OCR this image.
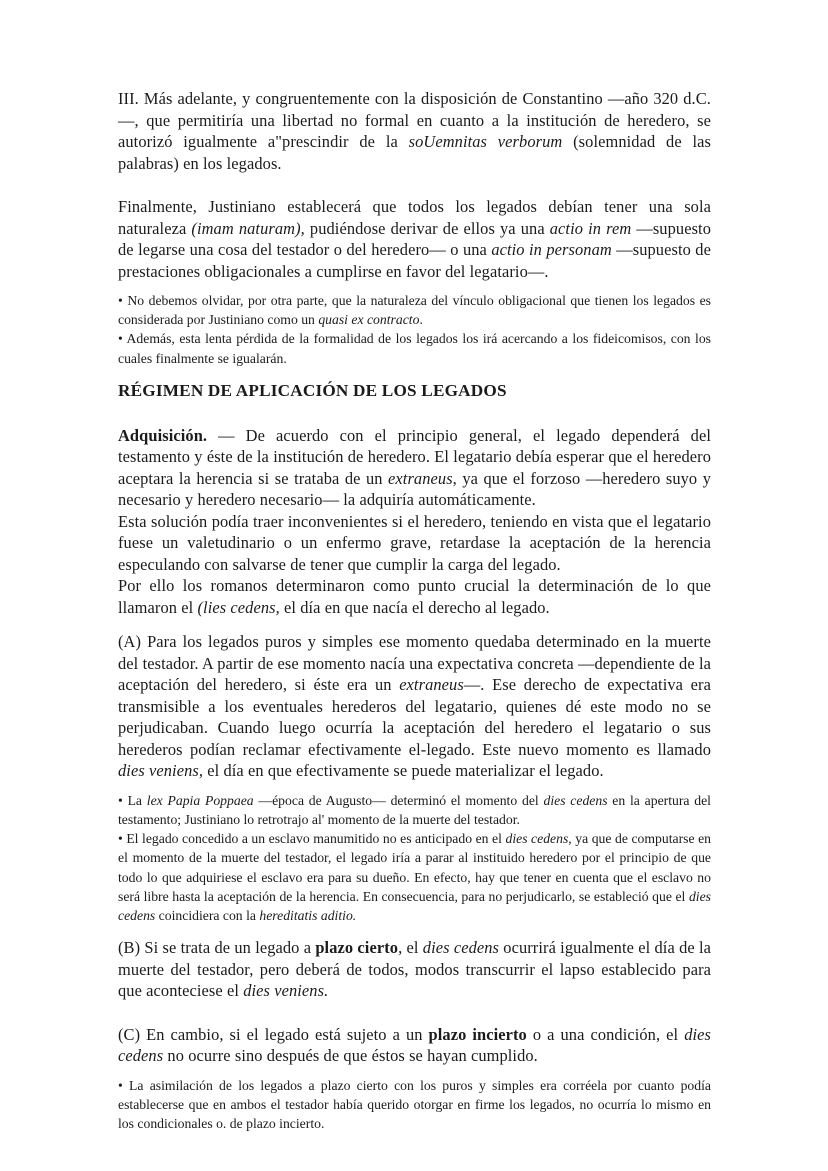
III. Más adelante, y congruentemente con la disposición de Constantino —año 320 d.C.—, que permitiría una libertad no formal en cuanto a la institución de heredero, se autorizó igualmente a"prescindir de la soUemnitas verborum (solemnidad de las palabras) en los legados.

Finalmente, Justiniano establecerá que todos los legados debían tener una sola naturaleza (imam naturam), pudiéndose derivar de ellos ya una actio in rem —supuesto de legarse una cosa del testador o del heredero— o una actio in personam —supuesto de prestaciones obligacionales a cumplirse en favor del legatario—.

• No debemos olvidar, por otra parte, que la naturaleza del vínculo obligacional que tienen los legados es considerada por Justiniano como un quasi ex contracto.

• Además, esta lenta pérdida de la formalidad de los legados los irá acercando a los fideicomisos, con los cuales finalmente se igualarán.

RÉGIMEN DE APLICACIÓN DE LOS LEGADOS

Adquisición. — De acuerdo con el principio general, el legado dependerá del testamento y éste de la institución de heredero. El legatario debía esperar que el heredero aceptara la herencia si se trataba de un extraneus, ya que el forzoso —heredero suyo y necesario y heredero necesario— la adquiría automáticamente.

Esta solución podía traer inconvenientes si el heredero, teniendo en vista que el legatario fuese un valetudinario o un enfermo grave, retardase la aceptación de la herencia especulando con salvarse de tener que cumplir la carga del legado.

Por ello los romanos determinaron como punto crucial la determinación de lo que llamaron el (lies cedens, el día en que nacía el derecho al legado.

(A) Para los legados puros y simples ese momento quedaba determinado en la muerte del testador. A partir de ese momento nacía una expectativa concreta —dependiente de la aceptación del heredero, si éste era un extraneus—. Ese derecho de expectativa era transmisible a los eventuales herederos del legatario, quienes dé este modo no se perjudicaban. Cuando luego ocurría la aceptación del heredero el legatario o sus herederos podían reclamar efectivamente el-legado. Este nuevo momento es llamado dies veniens, el día en que efectivamente se puede materializar el legado.

• La lex Papia Poppaea —época de Augusto— determinó el momento del dies cedens en la apertura del testamento; Justiniano lo retrotrajo al' momento de la muerte del testador.

• El legado concedido a un esclavo manumitido no es anticipado en el dies cedens, ya que de computarse en el momento de la muerte del testador, el legado iría a parar al instituido heredero por el principio de que todo lo que adquiriese el esclavo era para su dueño. En efecto, hay que tener en cuenta que el esclavo no será libre hasta la aceptación de la herencia. En consecuencia, para no perjudicarlo, se estableció que el dies cedens coincidiera con la hereditatis aditio.

(B) Si se trata de un legado a plazo cierto, el dies cedens ocurrirá igualmente el día de la muerte del testador, pero deberá de todos, modos transcurrir el lapso establecido para que aconteciese el dies veniens.

(C) En cambio, si el legado está sujeto a un plazo incierto o a una condición, el dies cedens no ocurre sino después de que éstos se hayan cumplido.

• La asimilación de los legados a plazo cierto con los puros y simples era corréela por cuanto podía establecerse que en ambos el testador había querido otorgar en firme los legados, no ocurría lo mismo en los condicionales o. de plazo incierto.
